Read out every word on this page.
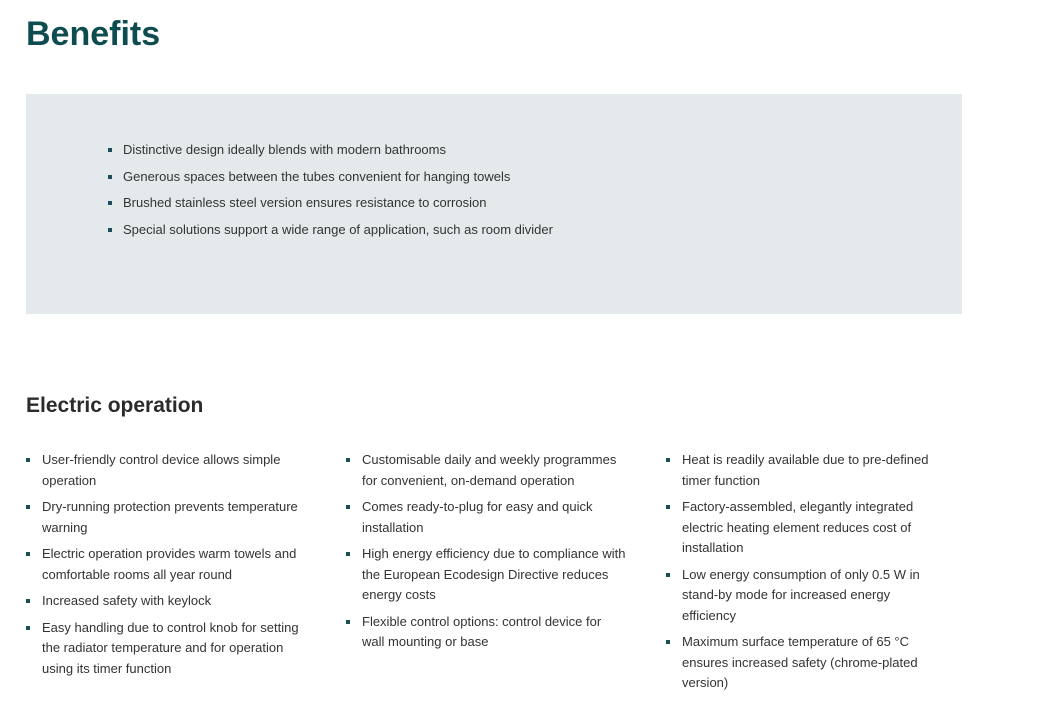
Benefits
Distinctive design ideally blends with modern bathrooms
Generous spaces between the tubes convenient for hanging towels
Brushed stainless steel version ensures resistance to corrosion
Special solutions support a wide range of application, such as room divider
Electric operation
User-friendly control device allows simple operation
Dry-running protection prevents temperature warning
Electric operation provides warm towels and comfortable rooms all year round
Increased safety with keylock
Easy handling due to control knob for setting the radiator temperature and for operation using its timer function
Customisable daily and weekly programmes for convenient, on-demand operation
Comes ready-to-plug for easy and quick installation
High energy efficiency due to compliance with the European Ecodesign Directive reduces energy costs
Flexible control options: control device for wall mounting or base
Heat is readily available due to pre-defined timer function
Factory-assembled, elegantly integrated electric heating element reduces cost of installation
Low energy consumption of only 0.5 W in stand-by mode for increased energy efficiency
Maximum surface temperature of 65 °C ensures increased safety (chrome-plated version)
